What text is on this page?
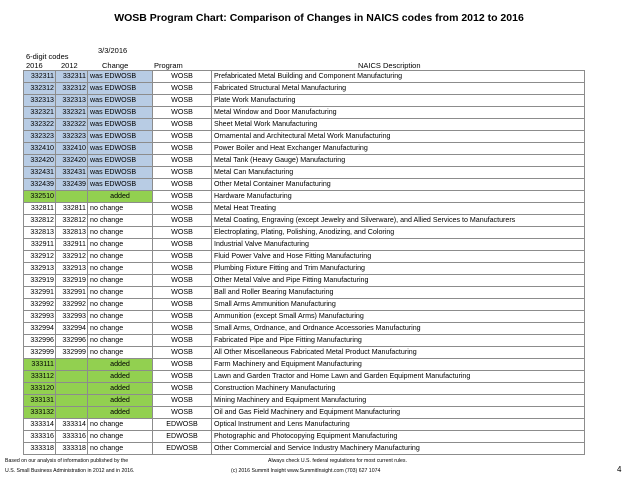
WOSB Program Chart: Comparison of Changes in NAICS codes from 2012 to 2016
6-digit codes
3/3/2016
2016 2012	Change	Program	NAICS Description
332311	332311	was EDWOSB	WOSB	Prefabricated Metal Building and Component Manufacturing
332312	332312	was EDWOSB	WOSB	Fabricated Structural Metal Manufacturing
332313	332313	was EDWOSB	WOSB	Plate Work Manufacturing
332321	332321	was EDWOSB	WOSB	Metal Window and Door Manufacturing
332322	332322	was EDWOSB	WOSB	Sheet Metal Work Manufacturing
332323	332323	was EDWOSB	WOSB	Ornamental and Architectural Metal Work Manufacturing
332410	332410	was EDWOSB	WOSB	Power Boiler and Heat Exchanger Manufacturing
332420	332420	was EDWOSB	WOSB	Metal Tank (Heavy Gauge) Manufacturing
332431	332431	was EDWOSB	WOSB	Metal Can Manufacturing
332439	332439	was EDWOSB	WOSB	Other Metal Container Manufacturing
332510		added	WOSB	Hardware Manufacturing
332811	332811	no change	WOSB	Metal Heat Treating
332812	332812	no change	WOSB	Metal Coating, Engraving (except Jewelry and Silverware), and Allied Services to Manufacturers
332813	332813	no change	WOSB	Electroplating, Plating, Polishing, Anodizing, and Coloring
332911	332911	no change	WOSB	Industrial Valve Manufacturing
332912	332912	no change	WOSB	Fluid Power Valve and Hose Fitting Manufacturing
332913	332913	no change	WOSB	Plumbing Fixture Fitting and Trim Manufacturing
332919	332919	no change	WOSB	Other Metal Valve and Pipe Fitting Manufacturing
332991	332991	no change	WOSB	Ball and Roller Bearing Manufacturing
332992	332992	no change	WOSB	Small Arms Ammunition Manufacturing
332993	332993	no change	WOSB	Ammunition (except Small Arms) Manufacturing
332994	332994	no change	WOSB	Small Arms, Ordnance, and Ordnance Accessories Manufacturing
332996	332996	no change	WOSB	Fabricated Pipe and Pipe Fitting Manufacturing
332999	332999	no change	WOSB	All Other Miscellaneous Fabricated Metal Product Manufacturing
333111		added	WOSB	Farm Machinery and Equipment Manufacturing
333112		added	WOSB	Lawn and Garden Tractor and Home Lawn and Garden Equipment Manufacturing
333120		added	WOSB	Construction Machinery Manufacturing
333131		added	WOSB	Mining Machinery and Equipment Manufacturing
333132		added	WOSB	Oil and Gas Field Machinery and Equipment Manufacturing
333314	333314	no change	EDWOSB	Optical Instrument and Lens Manufacturing
333316	333316	no change	EDWOSB	Photographic and Photocopying Equipment Manufacturing
333318	333318	no change	EDWOSB	Other Commercial and Service Industry Machinery Manufacturing
Based on our analysis of information published by the
U.S. Small Business Administration in 2012 and in 2016.
Always check U.S. federal regulations for most current rules.
(c) 2016 Summit Insight www.SummitInsight.com (703) 627 1074	4
